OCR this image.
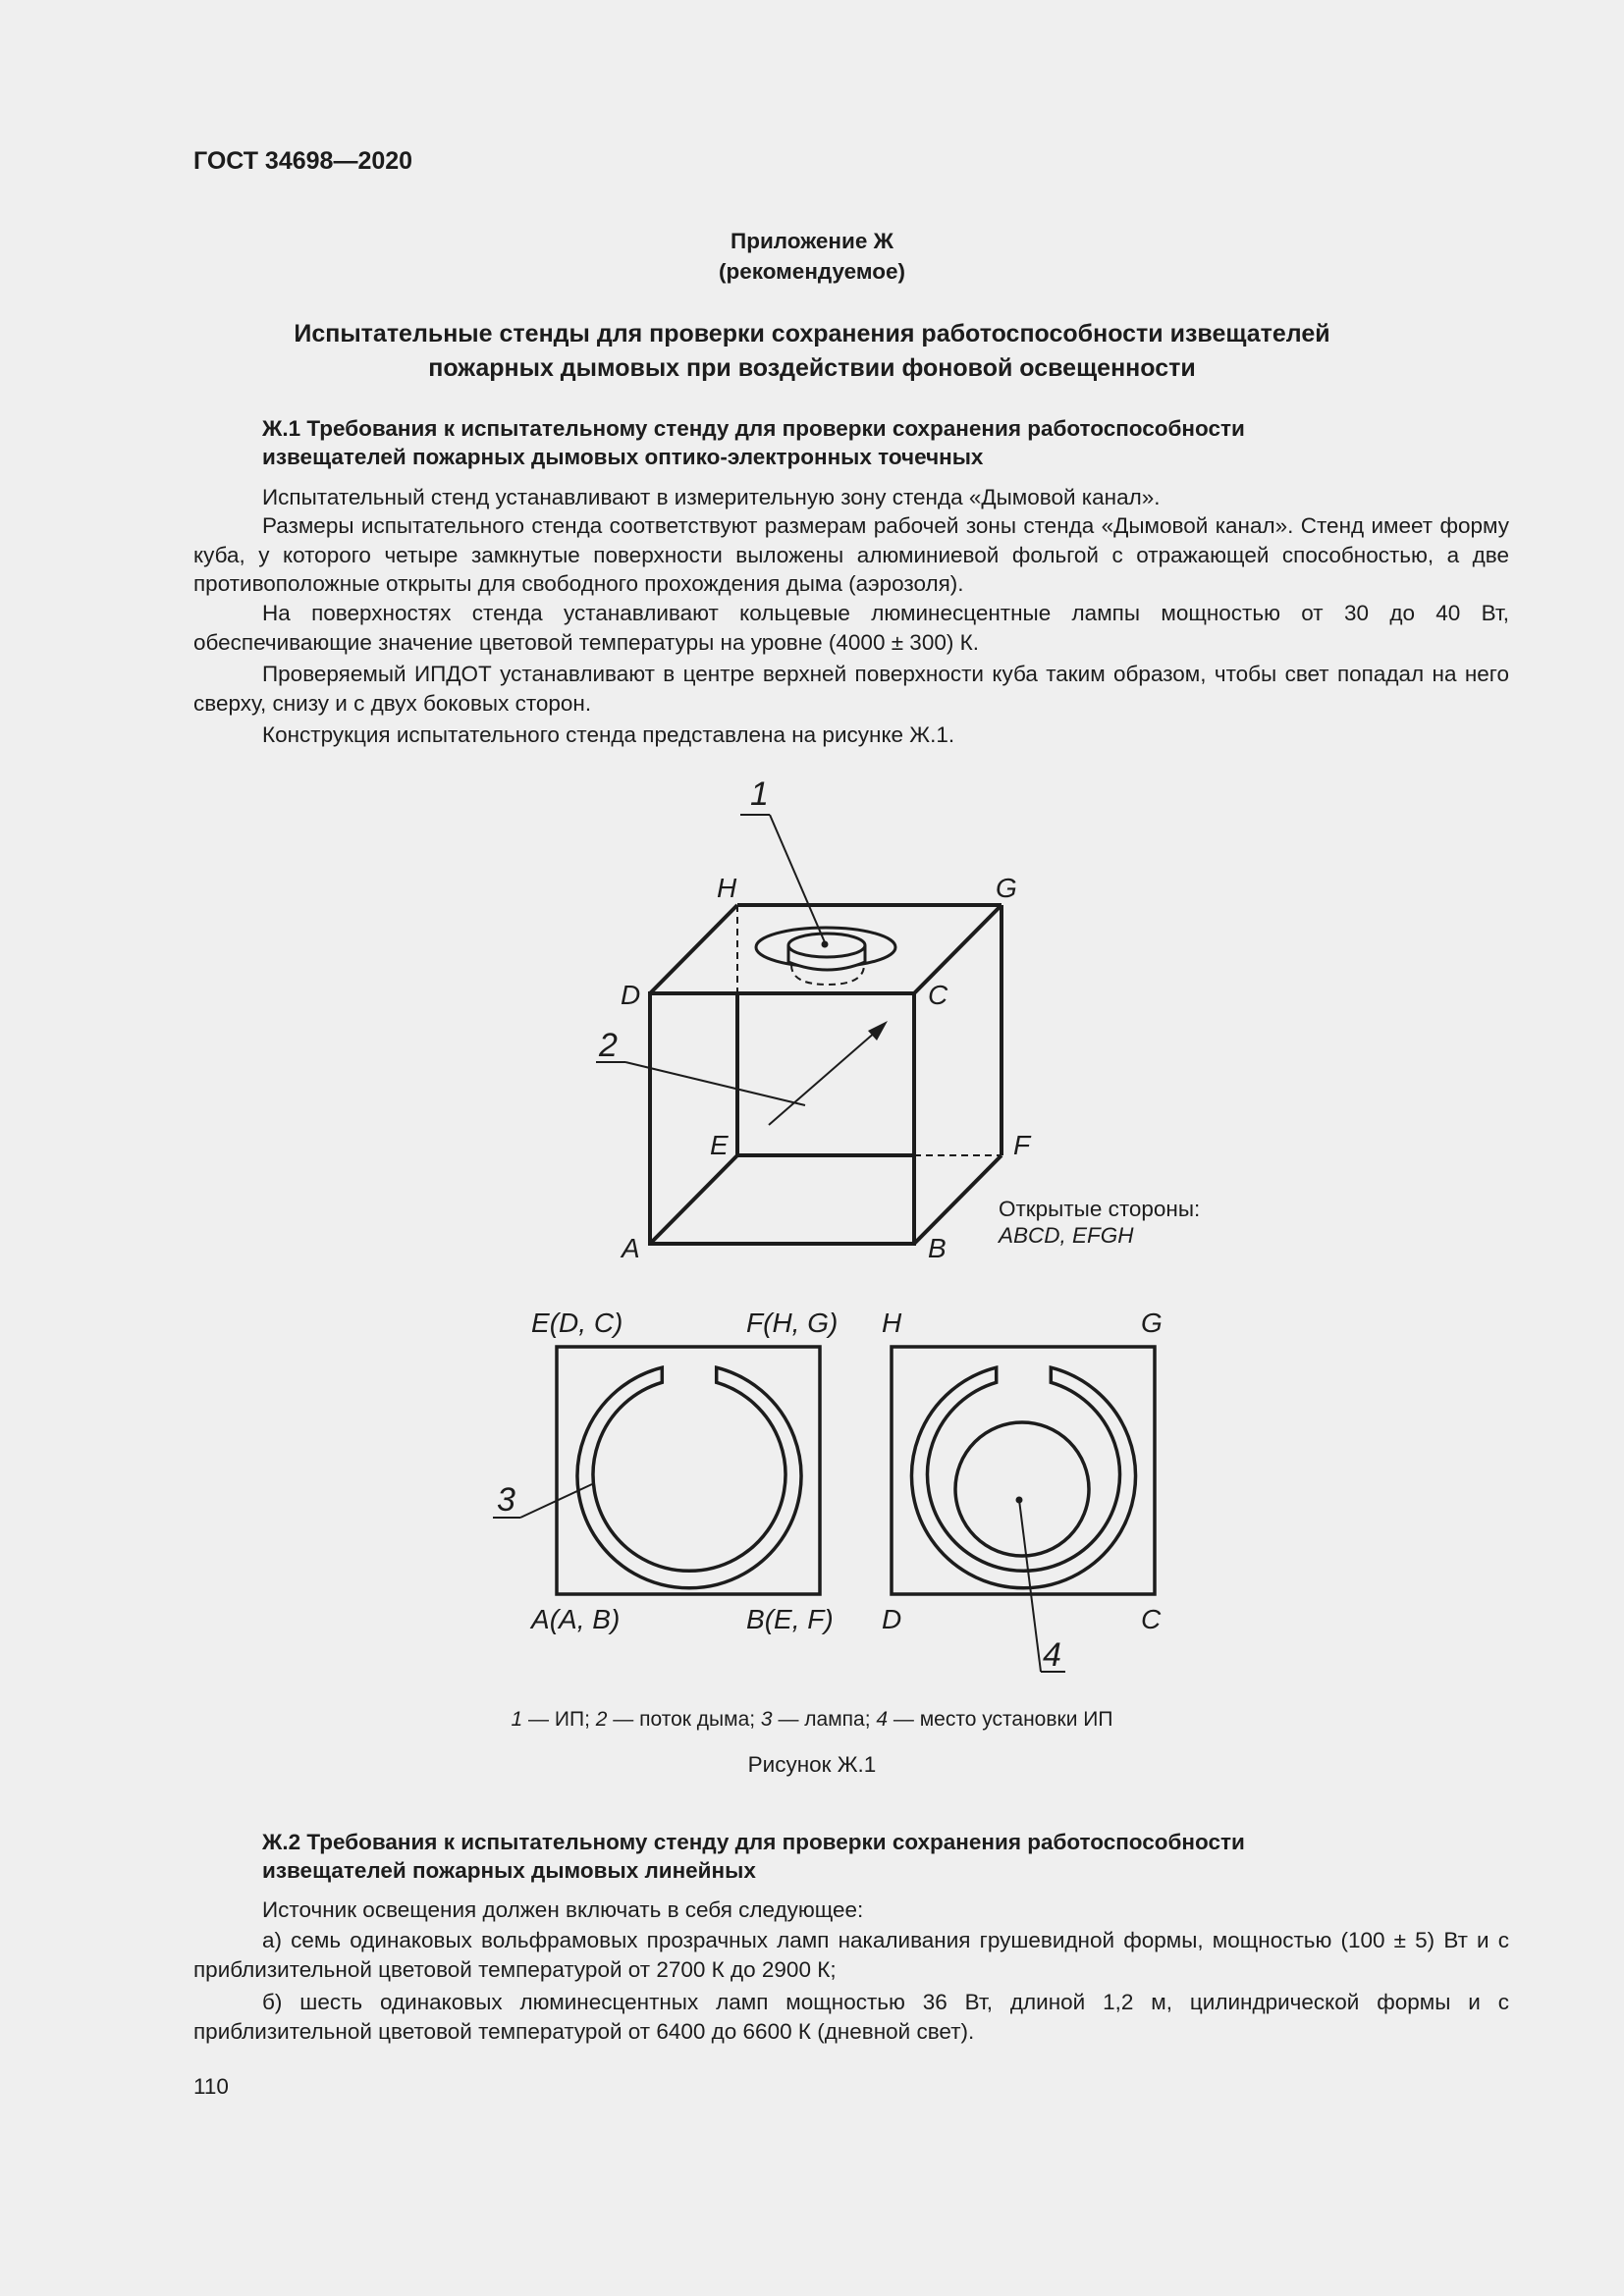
ГОСТ 34698—2020
Приложение Ж
(рекомендуемое)
Испытательные стенды для проверки сохранения работоспособности извещателей
пожарных дымовых при воздействии фоновой освещенности
Ж.1 Требования к испытательному стенду для проверки сохранения работоспособности
извещателей пожарных дымовых оптико-электронных точечных

Испытательный стенд устанавливают в измерительную зону стенда «Дымовой канал».

Размеры испытательного стенда соответствуют размерам рабочей зоны стенда «Дымовой канал». Стенд имеет форму куба, у которого четыре замкнутые поверхности выложены алюминиевой фольгой с отражающей способностью, а две противоположные открыты для свободного прохождения дыма (аэрозоля).

На поверхностях стенда устанавливают кольцевые люминесцентные лампы мощностью от 30 до 40 Вт, обеспечивающие значение цветовой температуры на уровне (4000 ± 300) К.

Проверяемый ИПДОТ устанавливают в центре верхней поверхности куба таким образом, чтобы свет попадал на него сверху, снизу и с двух боковых сторон.

Конструкция испытательного стенда представлена на рисунке Ж.1.

H	G
D	C
E	F
A	B
1
2
3
4
Открытые стороны:
ABCD, EFGH
E(D, C)	F(H, G)
A(A, B)	B(E, F)
H	G
D	C
1 — ИП; 2 — поток дыма; 3 — лампа; 4 — место установки ИП
Рисунок Ж.1
Ж.2 Требования к испытательному стенду для проверки сохранения работоспособности
извещателей пожарных дымовых линейных

Источник освещения должен включать в себя следующее:

а) семь одинаковых вольфрамовых прозрачных ламп накаливания грушевидной формы, мощностью (100 ± 5) Вт и с приблизительной цветовой температурой от 2700 К до 2900 К;

б) шесть одинаковых люминесцентных ламп мощностью 36 Вт, длиной 1,2 м, цилиндрической формы и с приблизительной цветовой температурой от 6400 до 6600 К (дневной свет).

110
